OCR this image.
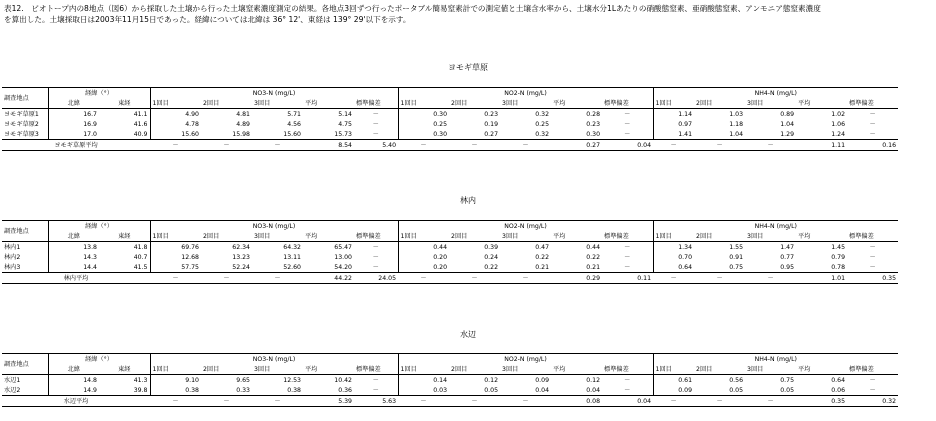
表12.　ビオトープ内の8地点（図6）から採取した土壌から行った土壌窒素濃度測定の結果。各地点3回ずつ行ったポータブル簡易窒素計での測定値と土壌含水率から、土壌水分1Lあたりの硝酸態窒素、亜硝酸態窒素、アンモニア態窒素濃度

を算出した。土壌採取日は2003年11月15日であった。経緯については北緯は 36° 12'、東経は 139° 29'以下を示す。

ヨモギ草原
調査地点	経緯（°）		NO3-N (mg/L)					NO2-N (mg/L)					NH4-N (mg/L)				
	北緯	東経	1回目	2回目	3回目	平均	標準偏差	1回目	2回目	3回目	平均	標準偏差	1回目	2回目	3回目	平均	標準偏差
ヨモギ草原1	16.7	41.1	4.90	4.81	5.71	5.14	－	0.30	0.23	0.32	0.28	－	1.14	1.03	0.89	1.02	－
ヨモギ草原2	16.9	41.6	4.78	4.89	4.56	4.75	－	0.25	0.19	0.25	0.23	－	0.97	1.18	1.04	1.06	－
ヨモギ草原3	17.0	40.9	15.60	15.98	15.60	15.73	－	0.30	0.27	0.32	0.30	－	1.41	1.04	1.29	1.24	－
ヨモギ草原平均			－	－	－	8.54	5.40	－	－	－	0.27	0.04	－	－	－	1.11	0.16
林内
調査地点	経緯（°）		NO3-N (mg/L)					NO2-N (mg/L)					NH4-N (mg/L)				
	北緯	東経	1回目	2回目	3回目	平均	標準偏差	1回目	2回目	3回目	平均	標準偏差	1回目	2回目	3回目	平均	標準偏差
林内1	13.8	41.8	69.76	62.34	64.32	65.47	－	0.44	0.39	0.47	0.44	－	1.34	1.55	1.47	1.45	－
林内2	14.3	40.7	12.68	13.23	13.11	13.00	－	0.20	0.24	0.22	0.22	－	0.70	0.91	0.77	0.79	－
林内3	14.4	41.5	57.75	52.24	52.60	54.20	－	0.20	0.22	0.21	0.21	－	0.64	0.75	0.95	0.78	－
林内平均			－	－	－	44.22	24.05	－	－	－	0.29	0.11	－	－	－	1.01	0.35
水辺
調査地点	経緯（°）		NO3-N (mg/L)					NO2-N (mg/L)					NH4-N (mg/L)				
	北緯	東経	1回目	2回目	3回目	平均	標準偏差	1回目	2回目	3回目	平均	標準偏差	1回目	2回目	3回目	平均	標準偏差
水辺1	14.8	41.3	9.10	9.65	12.53	10.42	－	0.14	0.12	0.09	0.12	－	0.61	0.56	0.75	0.64	－
水辺2	14.9	39.8	0.38	0.33	0.38	0.36	－	0.03	0.05	0.04	0.04	－	0.09	0.05	0.05	0.06	－
水辺平均			－	－	－	5.39	5.63	－	－	－	0.08	0.04	－	－	－	0.35	0.32
